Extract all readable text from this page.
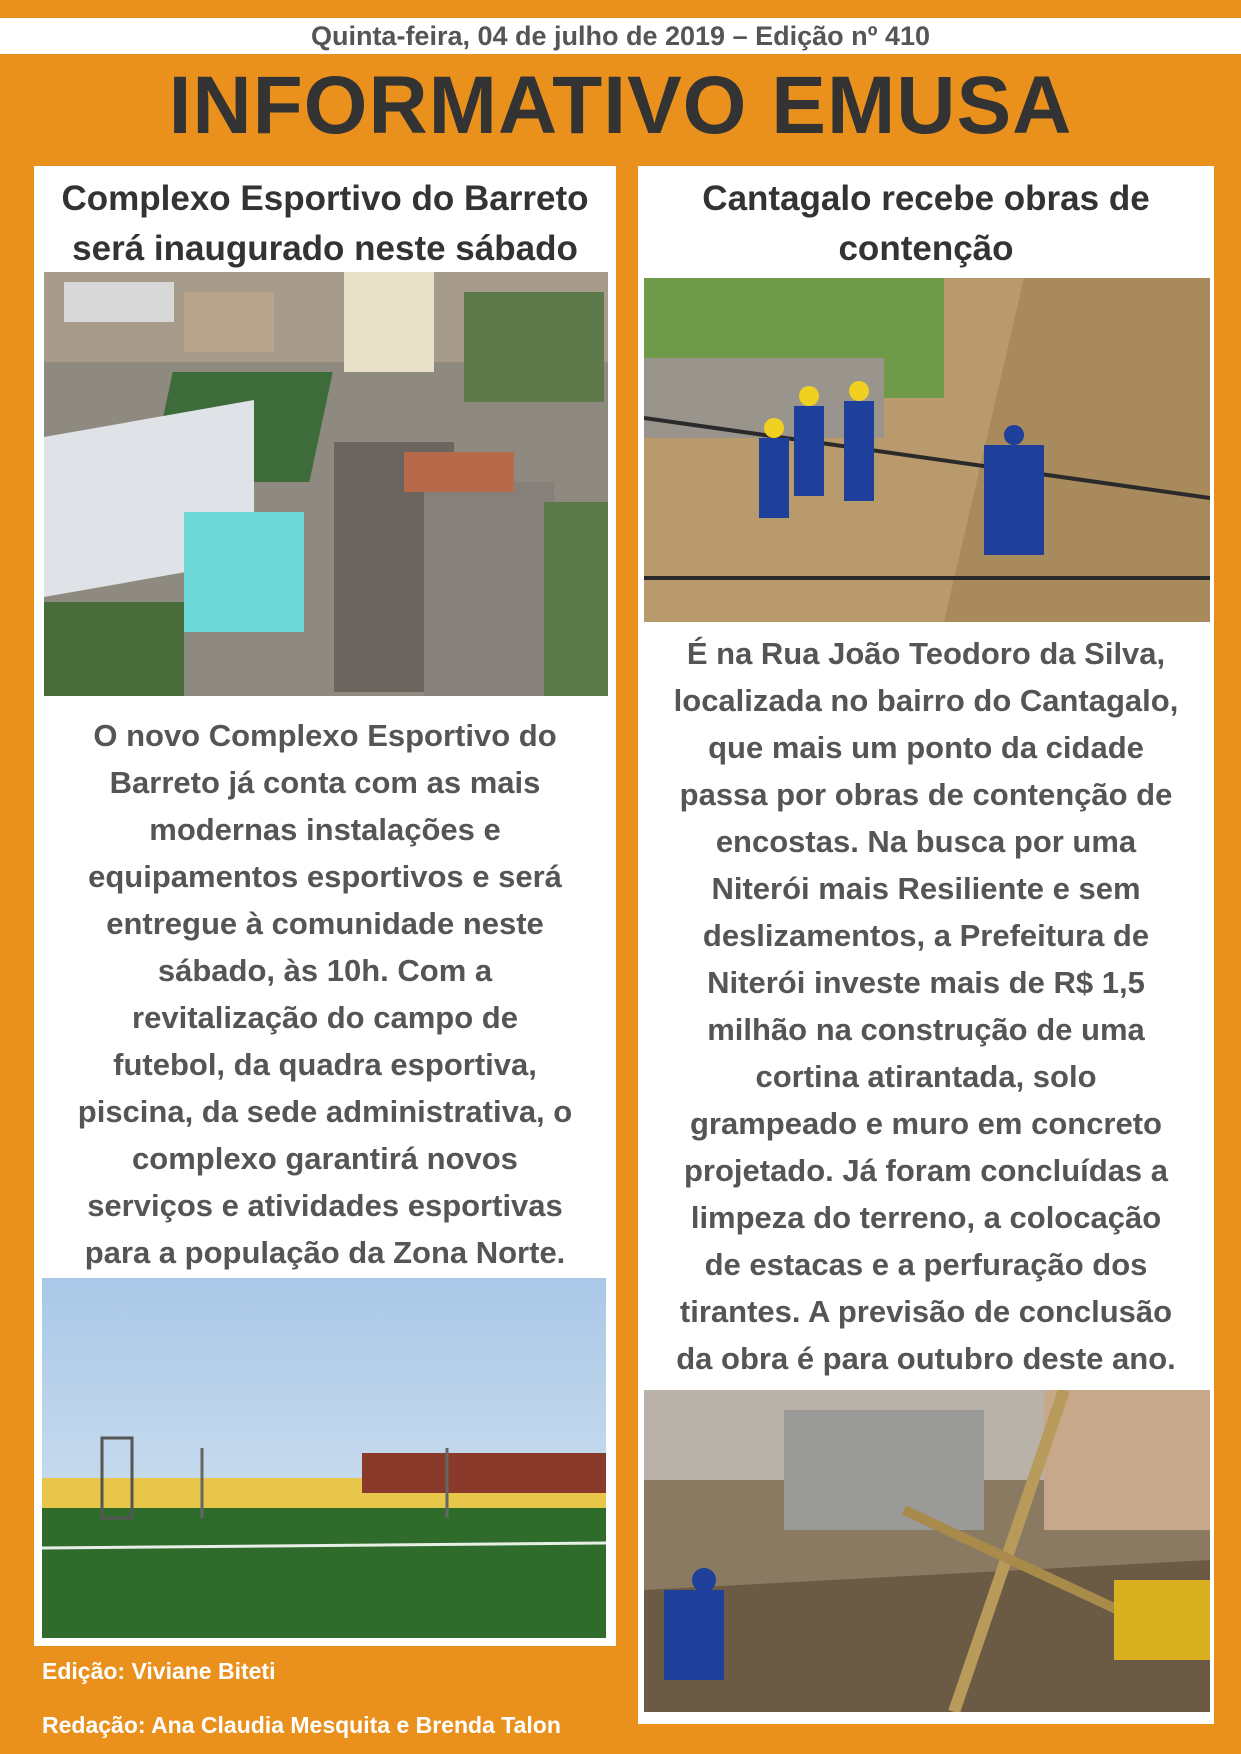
Quinta-feira, 04 de julho de 2019 – Edição nº 410
INFORMATIVO EMUSA
Complexo Esportivo do Barreto
será inaugurado neste sábado
O novo Complexo Esportivo do
Barreto já conta com as mais
modernas instalações e
equipamentos esportivos e será
entregue à comunidade neste
sábado, às 10h. Com a
revitalização do campo de
futebol, da quadra esportiva,
piscina, da sede administrativa, o
complexo garantirá novos
serviços e atividades esportivas
para a população da Zona Norte.
Cantagalo recebe obras de
contenção
É na Rua João Teodoro da Silva,
localizada no bairro do Cantagalo,
que mais um ponto da cidade
passa por obras de contenção de
encostas. Na busca por uma
Niterói mais Resiliente e sem
deslizamentos, a Prefeitura de
Niterói investe mais de R$ 1,5
milhão na construção de uma
cortina atirantada, solo
grampeado e muro em concreto
projetado. Já foram concluídas a
limpeza do terreno, a colocação
de estacas e a perfuração dos
tirantes. A previsão de conclusão
da obra é para outubro deste ano.
Edição: Viviane Biteti
Redação: Ana Claudia Mesquita e Brenda Talon
